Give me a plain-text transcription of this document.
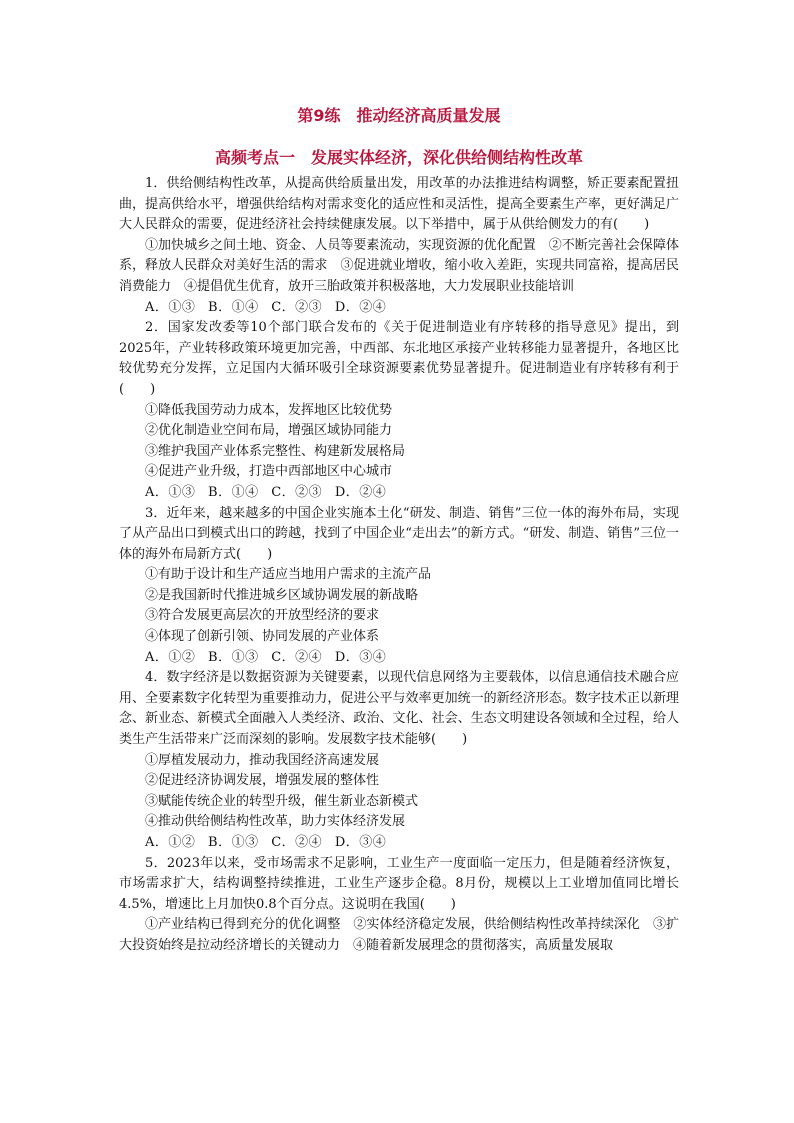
第9练　推动经济高质量发展
高频考点一　发展实体经济，深化供给侧结构性改革

1．供给侧结构性改革，从提高供给质量出发，用改革的办法推进结构调整，矫正要素配置扭曲，提高供给水平，增强供给结构对需求变化的适应性和灵活性，提高全要素生产率，更好满足广大人民群众的需要，促进经济社会持续健康发展。以下举措中，属于从供给侧发力的有(　　)

①加快城乡之间土地、资金、人员等要素流动，实现资源的优化配置　②不断完善社会保障体系，释放人民群众对美好生活的需求　③促进就业增收，缩小收入差距，实现共同富裕，提高居民消费能力　④提倡优生优育，放开三胎政策并积极落地，大力发展职业技能培训

A．①③ B．①④ C．②③ D．②④

2．国家发改委等10个部门联合发布的《关于促进制造业有序转移的指导意见》提出，到2025年，产业转移政策环境更加完善，中西部、东北地区承接产业转移能力显著提升，各地区比较优势充分发挥，立足国内大循环吸引全球资源要素优势显著提升。促进制造业有序转移有利于(　　)

①降低我国劳动力成本，发挥地区比较优势

②优化制造业空间布局，增强区域协同能力

③维护我国产业体系完整性、构建新发展格局

④促进产业升级，打造中西部地区中心城市

A．①③ B．①④ C．②③ D．②④

3．近年来，越来越多的中国企业实施本土化“研发、制造、销售”三位一体的海外布局，实现了从产品出口到模式出口的跨越，找到了中国企业“走出去”的新方式。“研发、制造、销售”三位一体的海外布局新方式(　　)

①有助于设计和生产适应当地用户需求的主流产品

②是我国新时代推进城乡区域协调发展的新战略

③符合发展更高层次的开放型经济的要求

④体现了创新引领、协同发展的产业体系

A．①② B．①③ C．②④ D．③④

4．数字经济是以数据资源为关键要素，以现代信息网络为主要载体，以信息通信技术融合应用、全要素数字化转型为重要推动力，促进公平与效率更加统一的新经济形态。数字技术正以新理念、新业态、新模式全面融入人类经济、政治、文化、社会、生态文明建设各领域和全过程，给人类生产生活带来广泛而深刻的影响。发展数字技术能够(　　)

①厚植发展动力，推动我国经济高速发展

②促进经济协调发展，增强发展的整体性

③赋能传统企业的转型升级，催生新业态新模式

④推动供给侧结构性改革，助力实体经济发展

A．①② B．①③ C．②④ D．③④

5．2023年以来，受市场需求不足影响，工业生产一度面临一定压力，但是随着经济恢复，市场需求扩大，结构调整持续推进，工业生产逐步企稳。8月份，规模以上工业增加值同比增长4.5%，增速比上月加快0.8个百分点。这说明在我国(　　)

①产业结构已得到充分的优化调整　②实体经济稳定发展，供给侧结构性改革持续深化　③扩大投资始终是拉动经济增长的关键动力　④随着新发展理念的贯彻落实，高质量发展取
